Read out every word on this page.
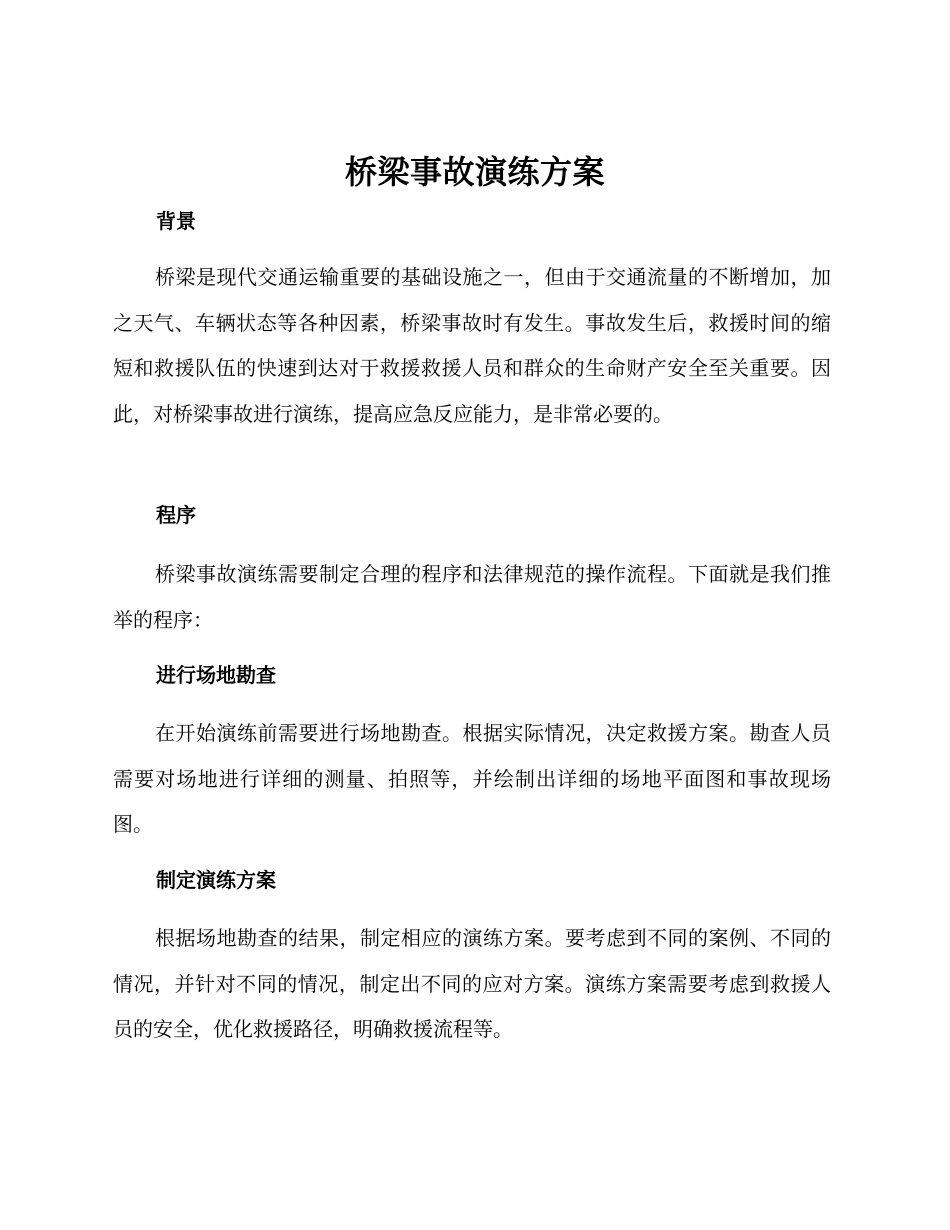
桥梁事故演练方案
背景

桥梁是现代交通运输重要的基础设施之一，但由于交通流量的不断增加，加之天气、车辆状态等各种因素，桥梁事故时有发生。事故发生后，救援时间的缩短和救援队伍的快速到达对于救援救援人员和群众的生命财产安全至关重要。因此，对桥梁事故进行演练，提高应急反应能力，是非常必要的。

程序

桥梁事故演练需要制定合理的程序和法律规范的操作流程。下面就是我们推举的程序：

进行场地勘查

在开始演练前需要进行场地勘查。根据实际情况，决定救援方案。勘查人员需要对场地进行详细的测量、拍照等，并绘制出详细的场地平面图和事故现场图。

制定演练方案

根据场地勘查的结果，制定相应的演练方案。要考虑到不同的案例、不同的情况，并针对不同的情况，制定出不同的应对方案。演练方案需要考虑到救援人员的安全，优化救援路径，明确救援流程等。
